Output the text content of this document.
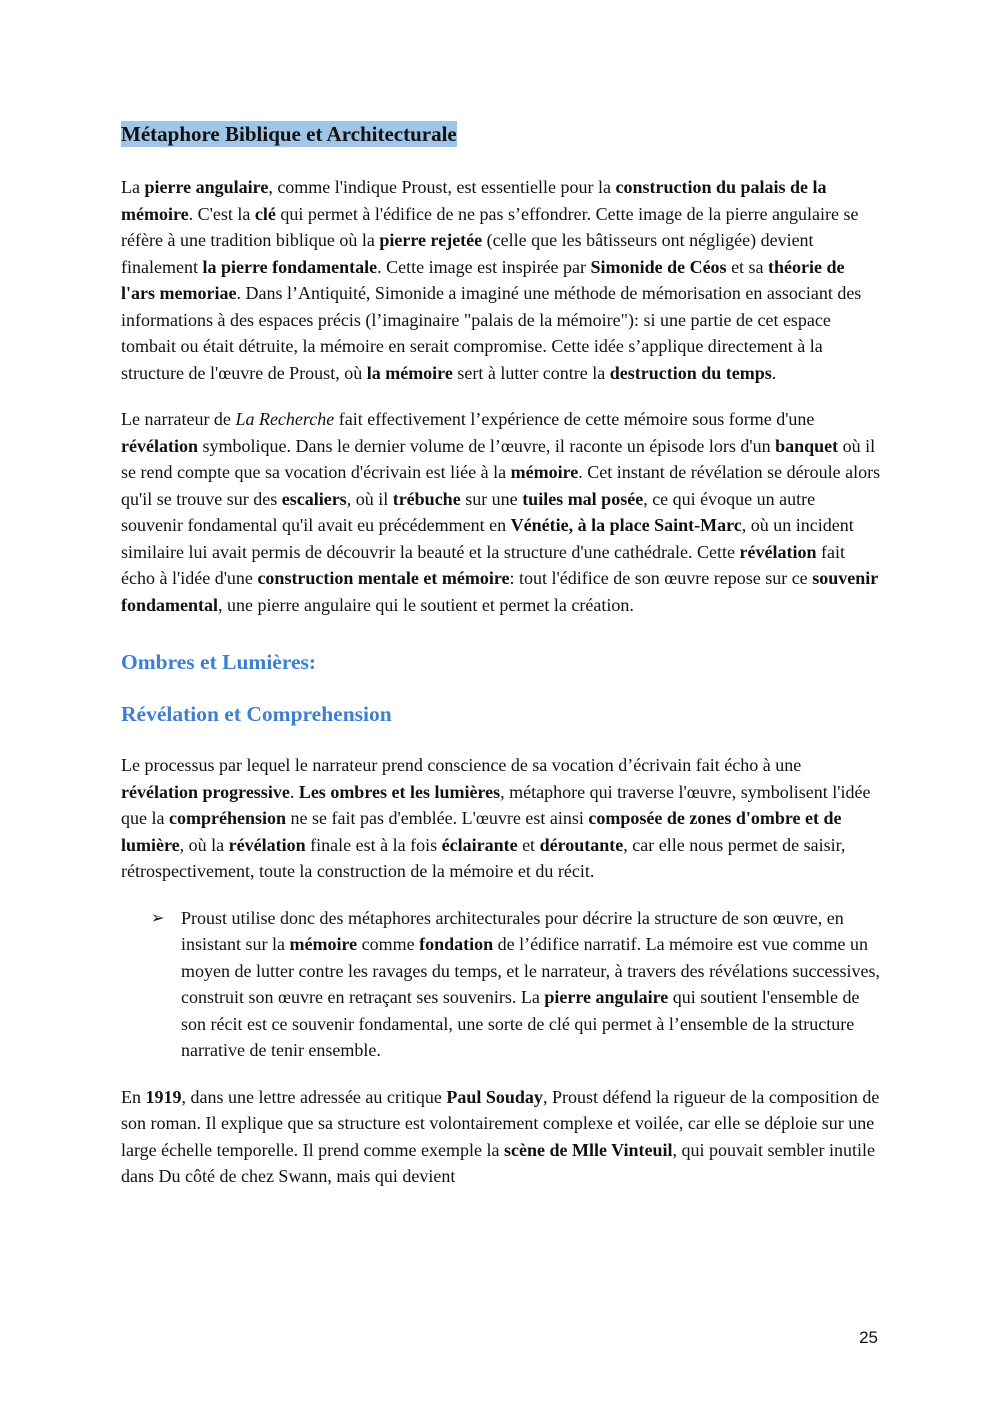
Métaphore Biblique et Architecturale

La pierre angulaire, comme l'indique Proust, est essentielle pour la construction du palais de la mémoire. C'est la clé qui permet à l'édifice de ne pas s’effondrer. Cette image de la pierre angulaire se réfère à une tradition biblique où la pierre rejetée (celle que les bâtisseurs ont négligée) devient finalement la pierre fondamentale. Cette image est inspirée par Simonide de Céos et sa théorie de l'ars memoriae. Dans l’Antiquité, Simonide a imaginé une méthode de mémorisation en associant des informations à des espaces précis (l’imaginaire "palais de la mémoire"): si une partie de cet espace tombait ou était détruite, la mémoire en serait compromise. Cette idée s’applique directement à la structure de l'œuvre de Proust, où la mémoire sert à lutter contre la destruction du temps.

Le narrateur de La Recherche fait effectivement l’expérience de cette mémoire sous forme d'une révélation symbolique. Dans le dernier volume de l’œuvre, il raconte un épisode lors d'un banquet où il se rend compte que sa vocation d'écrivain est liée à la mémoire. Cet instant de révélation se déroule alors qu'il se trouve sur des escaliers, où il trébuche sur une tuiles mal posée, ce qui évoque un autre souvenir fondamental qu'il avait eu précédemment en Vénétie, à la place Saint-Marc, où un incident similaire lui avait permis de découvrir la beauté et la structure d'une cathédrale. Cette révélation fait écho à l'idée d'une construction mentale et mémoire: tout l'édifice de son œuvre repose sur ce souvenir fondamental, une pierre angulaire qui le soutient et permet la création.

Ombres et Lumières:
Révélation et Comprehension

Le processus par lequel le narrateur prend conscience de sa vocation d’écrivain fait écho à une révélation progressive. Les ombres et les lumières, métaphore qui traverse l'œuvre, symbolisent l'idée que la compréhension ne se fait pas d'emblée. L'œuvre est ainsi composée de zones d'ombre et de lumière, où la révélation finale est à la fois éclairante et déroutante, car elle nous permet de saisir, rétrospectivement, toute la construction de la mémoire et du récit.

➢ Proust utilise donc des métaphores architecturales pour décrire la structure de son œuvre, en insistant sur la mémoire comme fondation de l’édifice narratif. La mémoire est vue comme un moyen de lutter contre les ravages du temps, et le narrateur, à travers des révélations successives, construit son œuvre en retraçant ses souvenirs. La pierre angulaire qui soutient l'ensemble de son récit est ce souvenir fondamental, une sorte de clé qui permet à l’ensemble de la structure narrative de tenir ensemble.

En 1919, dans une lettre adressée au critique Paul Souday, Proust défend la rigueur de la composition de son roman. Il explique que sa structure est volontairement complexe et voilée, car elle se déploie sur une large échelle temporelle. Il prend comme exemple la scène de Mlle Vinteuil, qui pouvait sembler inutile dans Du côté de chez Swann, mais qui devient

25
